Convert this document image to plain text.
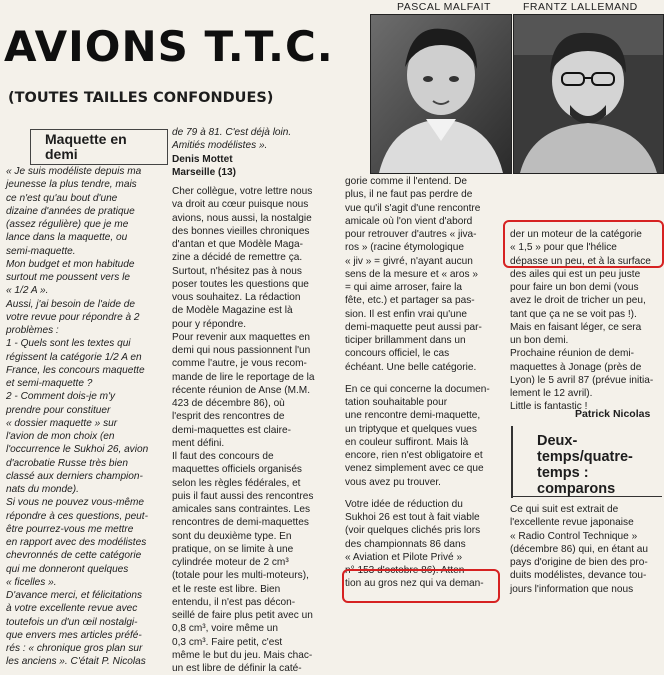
AVIONS T.T.C.
(TOUTES TAILLES CONFONDUES)
PASCAL MALFAIT	FRANTZ LALLEMAND
Maquette en
demi

« Je suis modéliste depuis ma

jeunesse la plus tendre, mais

ce n'est qu'au bout d'une

dizaine d'années de pratique

(assez régulière) que je me

lance dans la maquette, ou

semi-maquette.

Mon budget et mon habitude

surtout me poussent vers le

« 1/2 A ».

Aussi, j'ai besoin de l'aide de

votre revue pour répondre à 2

problèmes :

1 - Quels sont les textes qui

régissent la catégorie 1/2 A en

France, les concours maquette

et semi-maquette ?

2 - Comment dois-je m'y

prendre pour constituer

« dossier maquette » sur

l'avion de mon choix (en

l'occurrence le Sukhoi 26, avion

d'acrobatie Russe très bien

classé aux derniers champion-

nats du monde).

Si vous ne pouvez vous-même

répondre à ces questions, peut-

être pourrez-vous me mettre

en rapport avec des modélistes

chevronnés de cette catégorie

qui me donneront quelques

« ficelles ».

D'avance merci, et félicitations

à votre excellente revue avec

toutefois un d'un œil nostalgi-

que envers mes articles préfé-

rés : « chronique gros plan sur

les anciens ». C'était P. Nicolas

de 79 à 81. C'est déjà loin.

Amitiés modélistes ».

Denis Mottet

Marseille (13)

Cher collègue, votre lettre nous

va droit au cœur puisque nous

avions, nous aussi, la nostalgie

des bonnes vieilles chroniques

d'antan et que Modèle Maga-

zine a décidé de remettre ça.

Surtout, n'hésitez pas à nous

poser toutes les questions que

vous souhaitez. La rédaction

de Modèle Magazine est là

pour y répondre.

Pour revenir aux maquettes en

demi qui nous passionnent l'un

comme l'autre, je vous recom-

mande de lire le reportage de la

récente réunion de Anse (M.M.

423 de décembre 86), où

l'esprit des rencontres de

demi-maquettes est claire-

ment défini.

Il faut des concours de

maquettes officiels organisés

selon les règles fédérales, et

puis il faut aussi des rencontres

amicales sans contraintes. Les

rencontres de demi-maquettes

sont du deuxième type. En

pratique, on se limite à une

cylindrée moteur de 2 cm³

(totale pour les multi-moteurs),

et le reste est libre. Bien

entendu, il n'est pas décon-

seillé de faire plus petit avec un

0,8 cm³, voire même un

0,3 cm³. Faire petit, c'est

même le but du jeu. Mais chac-

un est libre de définir la caté-

gorie comme il l'entend. De

plus, il ne faut pas perdre de

vue qu'il s'agit d'une rencontre

amicale où l'on vient d'abord

pour retrouver d'autres « jiva-

ros » (racine étymologique

« jiv » = givré, n'ayant aucun

sens de la mesure et « aros »

= qui aime arroser, faire la

fête, etc.) et partager sa pas-

sion. Il est enfin vrai qu'une

demi-maquette peut aussi par-

ticiper brillamment dans un

concours officiel, le cas

échéant. Une belle catégorie.

En ce qui concerne la documen-

tation souhaitable pour

une rencontre demi-maquette,

un triptyque et quelques vues

en couleur suffiront. Mais là

encore, rien n'est obligatoire et

venez simplement avec ce que

vous avez pu trouver.

Votre idée de réduction du

Sukhoi 26 est tout à fait viable

(voir quelques clichés pris lors

des championnats 86 dans

« Aviation et Pilote Privé »

n° 153 d'octobre 86). Atten-

tion au gros nez qui va deman-

der un moteur de la catégorie

« 1,5 » pour que l'hélice

dépasse un peu, et à la surface

des ailes qui est un peu juste

pour faire un bon demi (vous

avez le droit de tricher un peu,

tant que ça ne se voit pas !).

Mais en faisant léger, ce sera

un bon demi.

Prochaine réunion de demi-

maquettes à Jonage (près de

Lyon) le 5 avril 87 (prévue initia-

lement le 12 avril).

Little is fantastic !

Patrick Nicolas
Deux-
temps/quatre-
temps :
comparons

Ce qui suit est extrait de

l'excellente revue japonaise

« Radio Control Technique »

(décembre 86) qui, en étant au

pays d'origine de bien des pro-

duits modélistes, devance tou-

jours l'information que nous
